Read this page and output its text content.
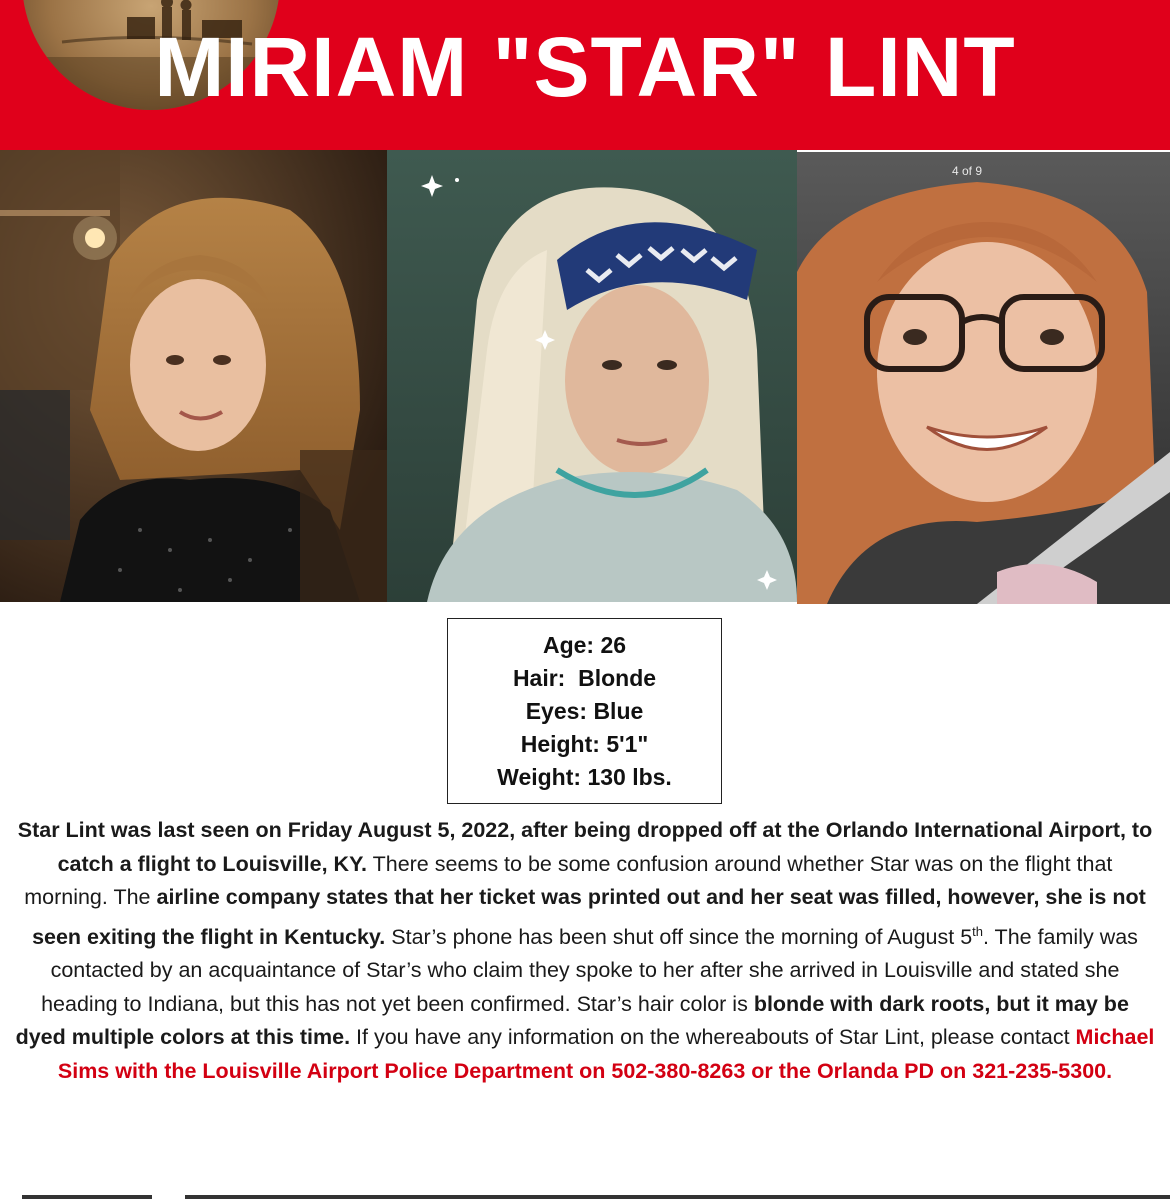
MIRIAM "STAR" LINT
4 of 9
Age: 26
Hair:  Blonde
Eyes: Blue
Height: 5'1"
Weight: 130 lbs.
Star Lint was last seen on Friday August 5, 2022, after being dropped off at the Orlando International Airport, to catch a flight to Louisville, KY. There seems to be some confusion around whether Star was on the flight that morning. The airline company states that her ticket was printed out and her seat was filled, however, she is not seen exiting the flight in Kentucky. Star’s phone has been shut off since the morning of August 5th. The family was contacted by an acquaintance of Star’s who claim they spoke to her after she arrived in Louisville and stated she heading to Indiana, but this has not yet been confirmed. Star’s hair color is blonde with dark roots, but it may be dyed multiple colors at this time. If you have any information on the whereabouts of Star Lint, please contact Michael Sims with the Louisville Airport Police Department on 502-380-8263 or the Orlanda PD on 321-235-5300.
